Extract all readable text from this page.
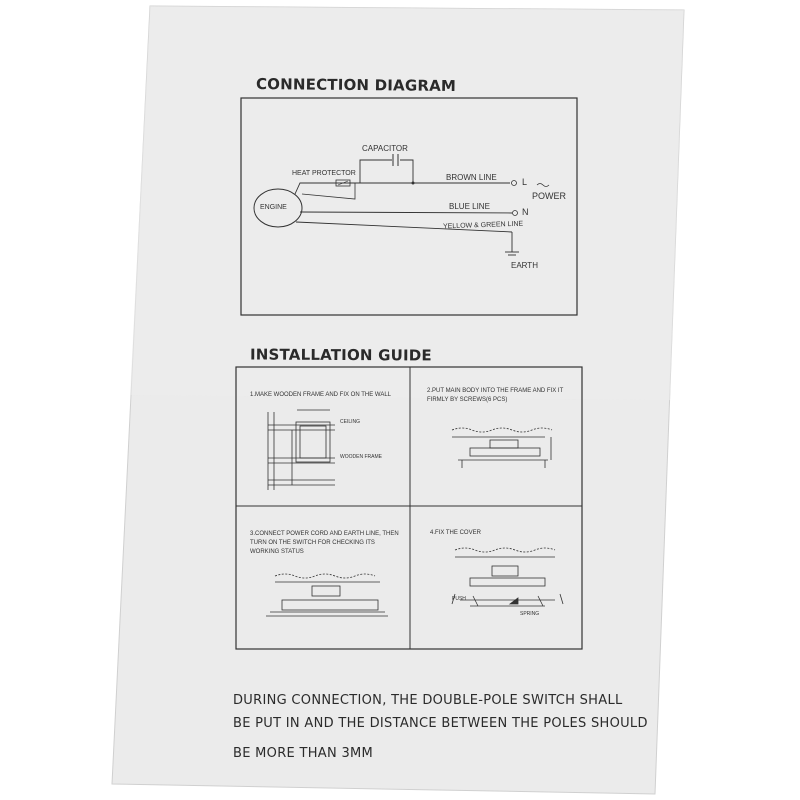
CONNECTION DIAGRAM
INSTALLATION GUIDE
CAPACITOR
HEAT PROTECTOR
ENGINE
BROWN LINE
BLUE LINE
YELLOW & GREEN LINE
L
N
POWER
EARTH
1.MAKE WOODEN FRAME AND FIX ON THE WALL
2.PUT MAIN BODY INTO THE FRAME AND FIX IT FIRMLY BY SCREWS(6 PCS)
3.CONNECT POWER CORD AND EARTH LINE, THEN TURN ON THE SWITCH FOR CHECKING ITS WORKING STATUS
4.FIX THE COVER
CEILING
WOODEN FRAME
PUSH
SPRING
DURING CONNECTION, THE DOUBLE-POLE SWITCH SHALL
BE PUT IN AND THE DISTANCE BETWEEN THE POLES SHOULD
BE MORE THAN 3MM
